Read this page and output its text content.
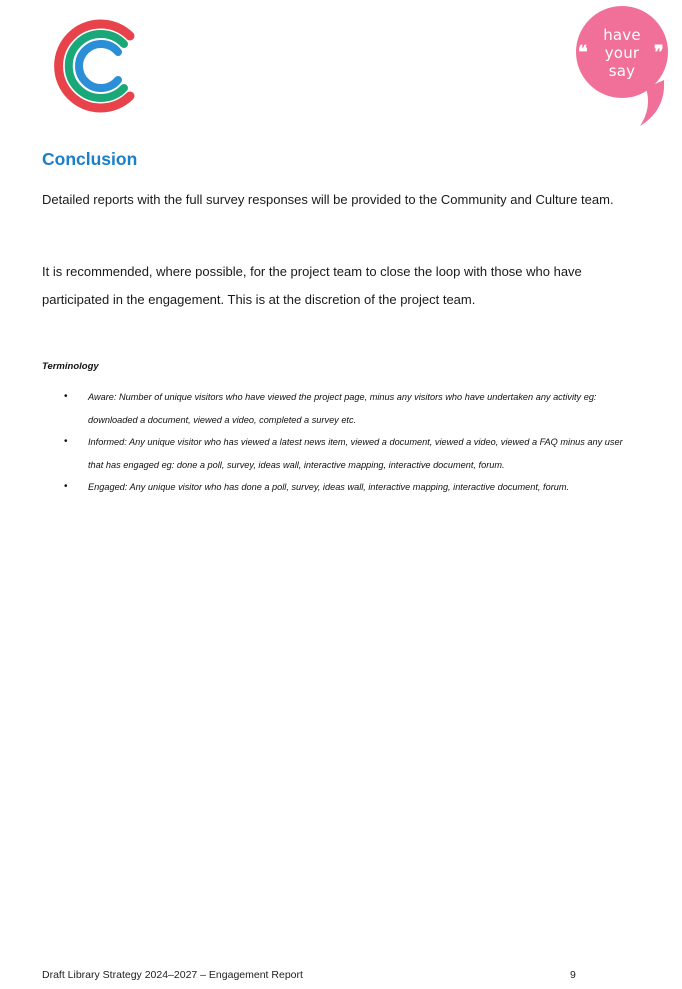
❝	❞
have
your
say
Conclusion

Detailed reports with the full survey responses will be provided to the Community and Culture team.

It is recommended, where possible, for the project team to close the loop with those who have participated in the engagement. This is at the discretion of the project team.

Terminology

• Aware: Number of unique visitors who have viewed the project page, minus any visitors who have undertaken any activity eg: downloaded a document, viewed a video, completed a survey etc.
• Informed: Any unique visitor who has viewed a latest news item, viewed a document, viewed a video, viewed a FAQ minus any user that has engaged eg: done a poll, survey, ideas wall, interactive mapping, interactive document, forum.
• Engaged: Any unique visitor who has done a poll, survey, ideas wall, interactive mapping, interactive document, forum.

Draft Library Strategy 2024–2027 – Engagement Report	9
